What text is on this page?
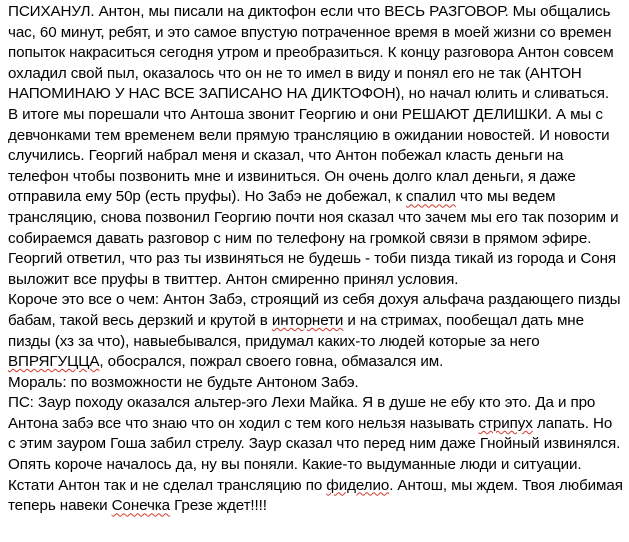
ПСИХАНУЛ. Антон, мы писали на диктофон если что ВЕСЬ РАЗГОВОР. Мы общались час, 60 минут, ребят, и это самое впустую потраченное время в моей жизни со времен попыток накраситься сегодня утром и преобразиться. К концу разговора Антон совсем охладил свой пыл, оказалось что он не то имел в виду и понял его не так (АНТОН НАПОМИНАЮ У НАС ВСЕ ЗАПИСАНО НА ДИКТОФОН), но начал юлить и сливаться. В итоге мы порешали что Антоша звонит Георгию и они РЕШАЮТ ДЕЛИШКИ. А мы с девчонками тем временем вели прямую трансляцию в ожидании новостей. И новости случились. Георгий набрал меня и сказал, что Антон побежал класть деньги на телефон чтобы позвонить мне и извиниться. Он очень долго клал деньги, я даже отправила ему 50р (есть пруфы). Но Забэ не добежал, к спалил что мы ведем трансляцию, снова позвонил Георгию почти ноя сказал что зачем мы его так позорим и собираемся давать разговор с ним по телефону на громкой связи в прямом эфире. Георгий ответил, что раз ты извиняться не будешь - тоби пизда тикай из города и Соня выложит все пруфы в твиттер. Антон смиренно принял условия.
Короче это все о чем: Антон Забэ, строящий из себя дохуя альфача раздающего пизды бабам, такой весь дерзкий и крутой в инторнети и на стримах, пообещал дать мне пизды (хз за что), навыебывался, придумал каких-то людей которые за него ВПРЯГУЦЦА, обосрался, пожрал своего говна, обмазался им.
Мораль: по возможности не будьте Антоном Забэ.
ПС: Заур походу оказался альтер-эго Лехи Майка. Я в душе не ебу кто это. Да и про Антона забэ все что знаю что он ходил с тем кого нельзя называть стрипух лапать. Но с этим зауром Гоша забил стрелу. Заур сказал что перед ним даже Гнойный извинялся. Опять короче началось да, ну вы поняли. Какие-то выдуманные люди и ситуации.
Кстати Антон так и не сделал трансляцию по фиделио. Антош, мы ждем. Твоя любимая теперь навеки Сонечка Грезе ждет!!!!
